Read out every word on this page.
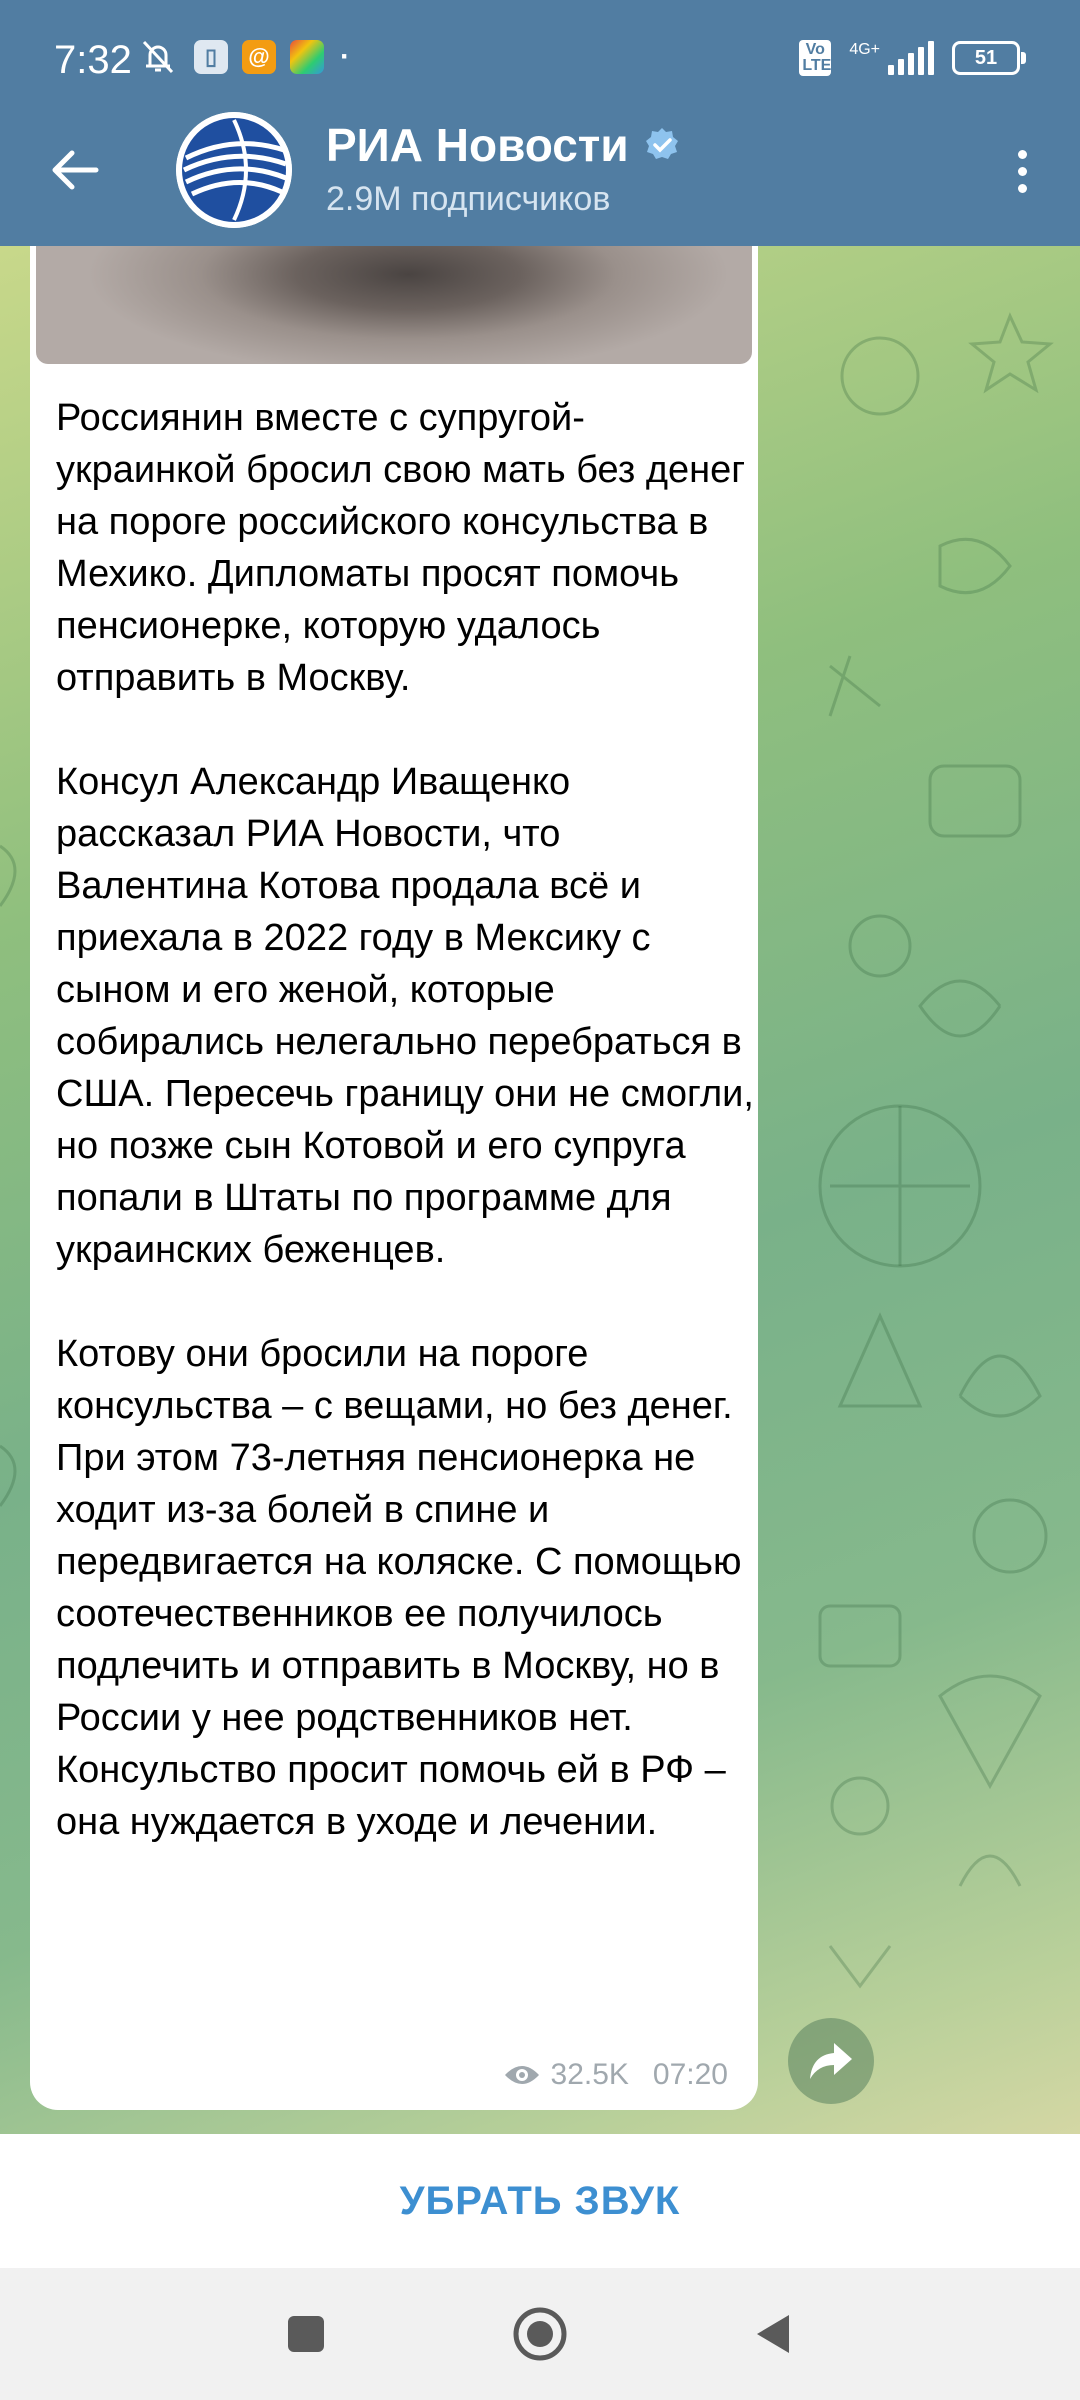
7:32	▯	@ ·	Vo LTE
4G+	51
РИА Новости
2.9M подписчиков
Россиянин вместе с супругой-украинкой бросил свою мать без денег на пороге российского консульства в Мехико. Дипломаты просят помочь пенсионерке, которую удалось отправить в Москву.

Консул Александр Иващенко рассказал РИА Новости, что Валентина Котова продала всё и приехала в 2022 году в Мексику с сыном и его женой, которые собирались нелегально перебраться в США. Пересечь границу они не смогли, но позже сын Котовой и его супруга попали в Штаты по программе для украинских беженцев.

Котову они бросили на пороге консульства – с вещами, но без денег. При этом 73-летняя пенсионерка не ходит из-за болей в спине и передвигается на коляске. С помощью соотечественников ее получилось подлечить и отправить в Москву, но в России у нее родственников нет. Консульство просит помочь ей в РФ – она нуждается в уходе и лечении.
32.5K 07:20
УБРАТЬ ЗВУК
